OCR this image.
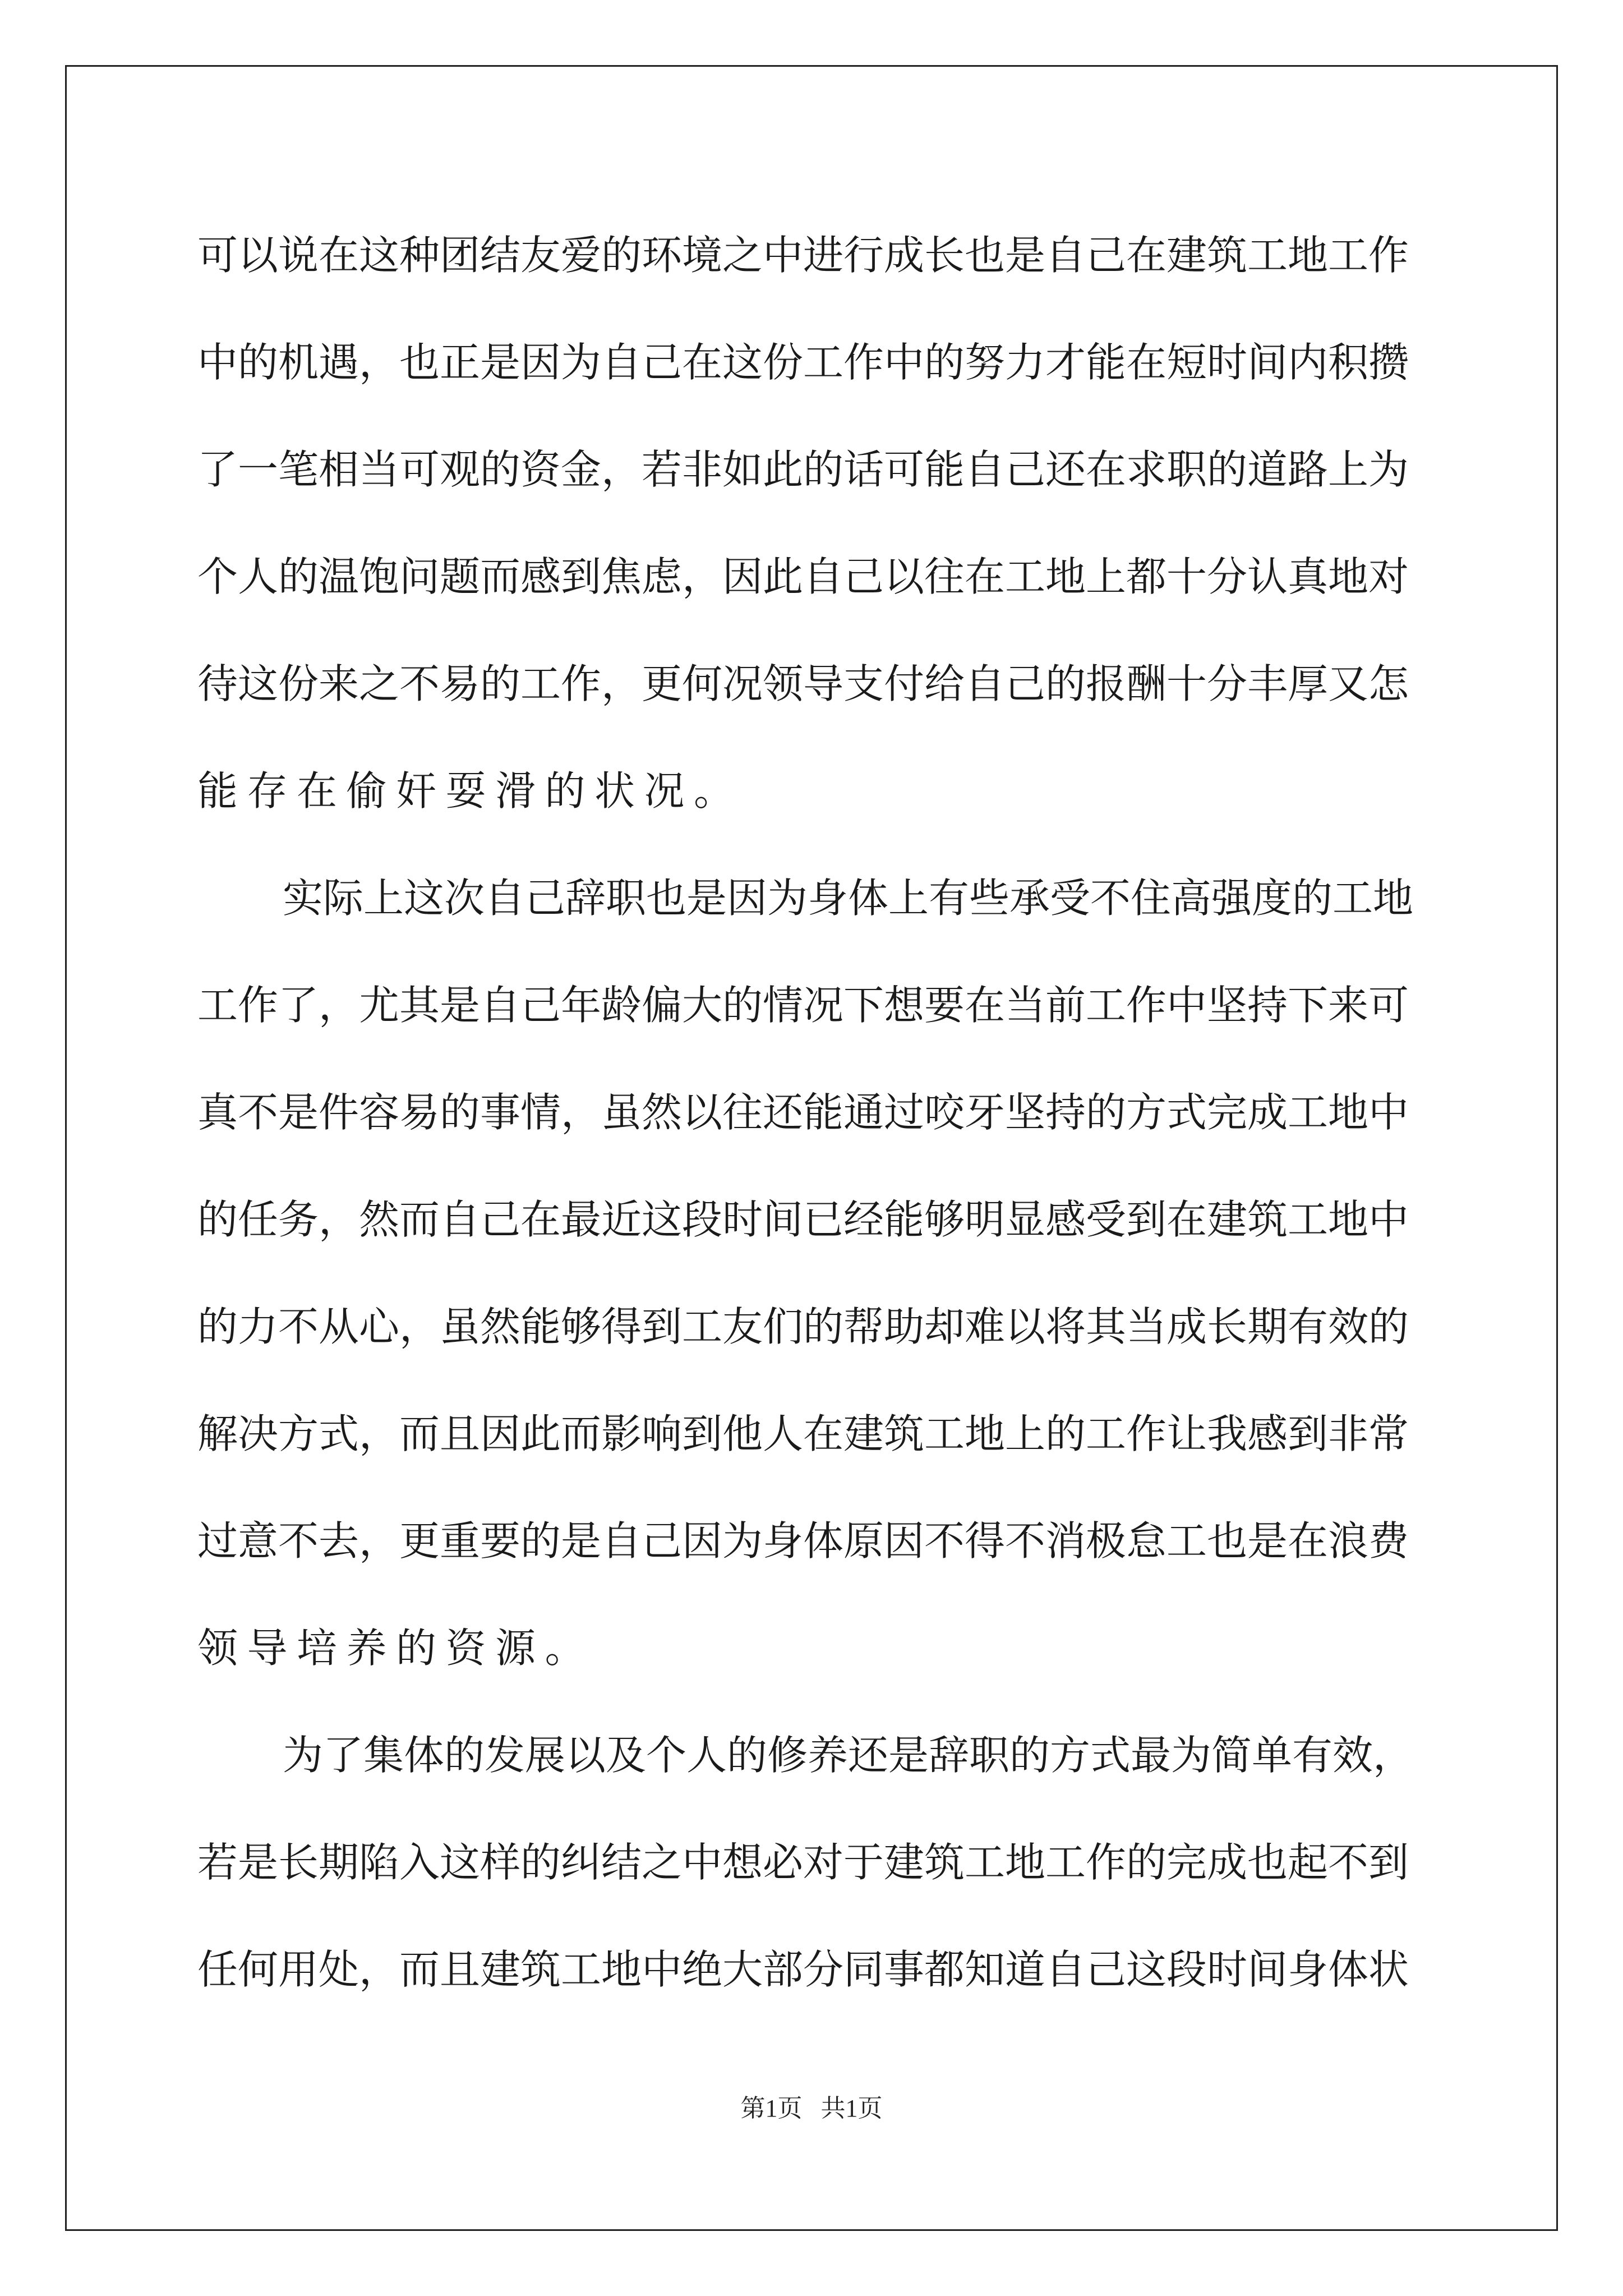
可以说在这种团结友爱的环境之中进行成长也是自己在建筑工地工作
中的机遇，也正是因为自己在这份工作中的努力才能在短时间内积攒
了一笔相当可观的资金，若非如此的话可能自己还在求职的道路上为
个人的温饱问题而感到焦虑，因此自己以往在工地上都十分认真地对
待这份来之不易的工作，更何况领导支付给自己的报酬十分丰厚又怎
能存在偷奸耍滑的状况。
实际上这次自己辞职也是因为身体上有些承受不住高强度的工地
工作了，尤其是自己年龄偏大的情况下想要在当前工作中坚持下来可
真不是件容易的事情，虽然以往还能通过咬牙坚持的方式完成工地中
的任务，然而自己在最近这段时间已经能够明显感受到在建筑工地中
的力不从心，虽然能够得到工友们的帮助却难以将其当成长期有效的
解决方式，而且因此而影响到他人在建筑工地上的工作让我感到非常
过意不去，更重要的是自己因为身体原因不得不消极怠工也是在浪费
领导培养的资源。
为了集体的发展以及个人的修养还是辞职的方式最为简单有效，
若是长期陷入这样的纠结之中想必对于建筑工地工作的完成也起不到
任何用处，而且建筑工地中绝大部分同事都知道自己这段时间身体状
第1页   共1页
